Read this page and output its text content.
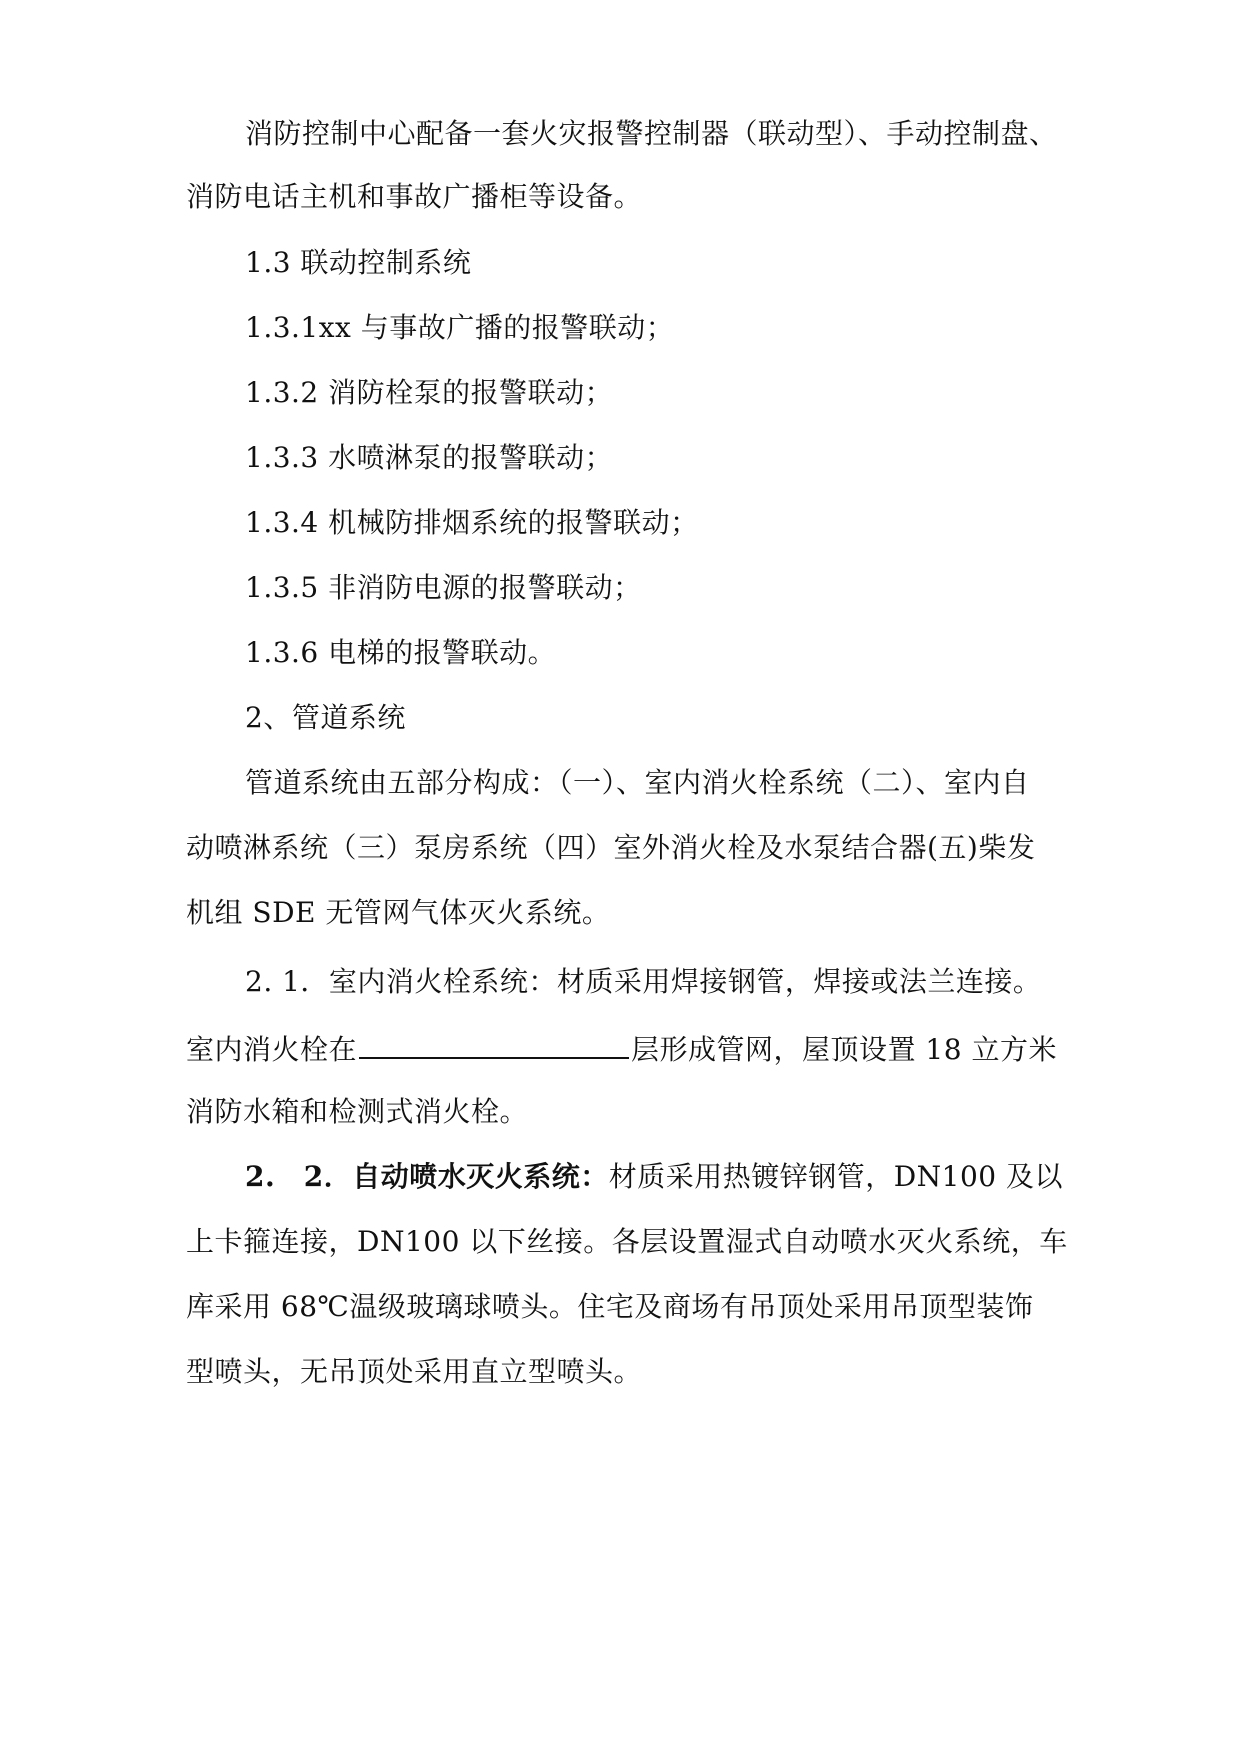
消防控制中心配备一套火灾报警控制器（联动型）、手动控制盘、
消防电话主机和事故广播柜等设备。
1.3 联动控制系统
1.3.1xx 与事故广播的报警联动；
1.3.2 消防栓泵的报警联动；
1.3.3 水喷淋泵的报警联动；
1.3.4 机械防排烟系统的报警联动；
1.3.5 非消防电源的报警联动；
1.3.6 电梯的报警联动。
2、管道系统
管道系统由五部分构成：（一）、室内消火栓系统（二）、室内自
动喷淋系统（三）泵房系统（四）室外消火栓及水泵结合器(五)柴发
机组 SDE 无管网气体灭火系统。
2. 1．室内消火栓系统：材质采用焊接钢管，焊接或法兰连接。
室内消火栓在	层形成管网，屋顶设置 18 立方米
消防水箱和检测式消火栓。
2.　2．自动喷水灭火系统：材质采用热镀锌钢管，DN100 及以
上卡箍连接，DN100 以下丝接。各层设置湿式自动喷水灭火系统，车
库采用 68℃温级玻璃球喷头。住宅及商场有吊顶处采用吊顶型装饰
型喷头，无吊顶处采用直立型喷头。
